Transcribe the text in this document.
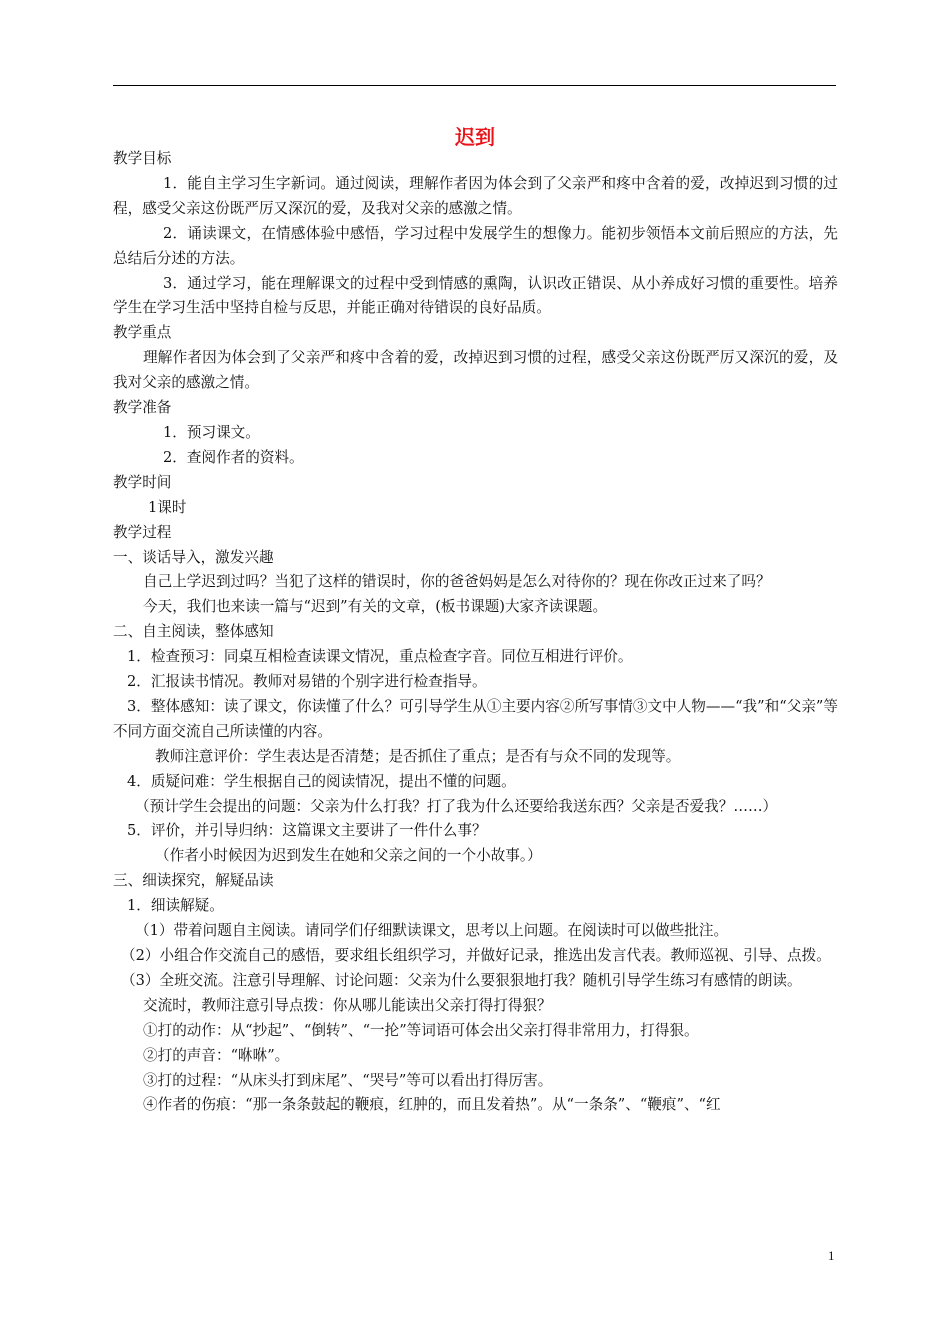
迟到

教学目标

1．能自主学习生字新词。通过阅读，理解作者因为体会到了父亲严和疼中含着的爱，改掉迟到习惯的过程，感受父亲这份既严厉又深沉的爱，及我对父亲的感激之情。

2．诵读课文，在情感体验中感悟，学习过程中发展学生的想像力。能初步领悟本文前后照应的方法，先总结后分述的方法。

3．通过学习，能在理解课文的过程中受到情感的熏陶，认识改正错误、从小养成好习惯的重要性。培养学生在学习生活中坚持自检与反思，并能正确对待错误的良好品质。

教学重点

理解作者因为体会到了父亲严和疼中含着的爱，改掉迟到习惯的过程，感受父亲这份既严厉又深沉的爱，及我对父亲的感激之情。

教学准备

1．预习课文。

2．查阅作者的资料。

教学时间

1课时

教学过程

一、谈话导入，激发兴趣

自己上学迟到过吗？当犯了这样的错误时，你的爸爸妈妈是怎么对待你的？现在你改正过来了吗？

今天，我们也来读一篇与“迟到”有关的文章，(板书课题)大家齐读课题。

二、自主阅读，整体感知

1．检查预习：同桌互相检查读课文情况，重点检查字音。同位互相进行评价。

2．汇报读书情况。教师对易错的个别字进行检查指导。

3．整体感知：读了课文，你读懂了什么？可引导学生从①主要内容②所写事情③文中人物——“我”和“父亲”等不同方面交流自己所读懂的内容。

教师注意评价：学生表达是否清楚；是否抓住了重点；是否有与众不同的发现等。

4．质疑问难：学生根据自己的阅读情况，提出不懂的问题。

（预计学生会提出的问题：父亲为什么打我？打了我为什么还要给我送东西？父亲是否爱我？……）

5．评价，并引导归纳：这篇课文主要讲了一件什么事？

（作者小时候因为迟到发生在她和父亲之间的一个小故事。）

三、细读探究，解疑品读

1．细读解疑。

（1）带着问题自主阅读。请同学们仔细默读课文，思考以上问题。在阅读时可以做些批注。

（2）小组合作交流自己的感悟，要求组长组织学习，并做好记录，推选出发言代表。教师巡视、引导、点拨。

（3）全班交流。注意引导理解、讨论问题：父亲为什么要狠狠地打我？随机引导学生练习有感情的朗读。

交流时，教师注意引导点拨：你从哪儿能读出父亲打得打得狠？

①打的动作：从“抄起”、“倒转”、“一抡”等词语可体会出父亲打得非常用力，打得狠。

②打的声音：“咻咻”。

③打的过程：“从床头打到床尾”、“哭号”等可以看出打得厉害。

④作者的伤痕：“那一条条鼓起的鞭痕，红肿的，而且发着热”。从“一条条”、“鞭痕”、“红

1
